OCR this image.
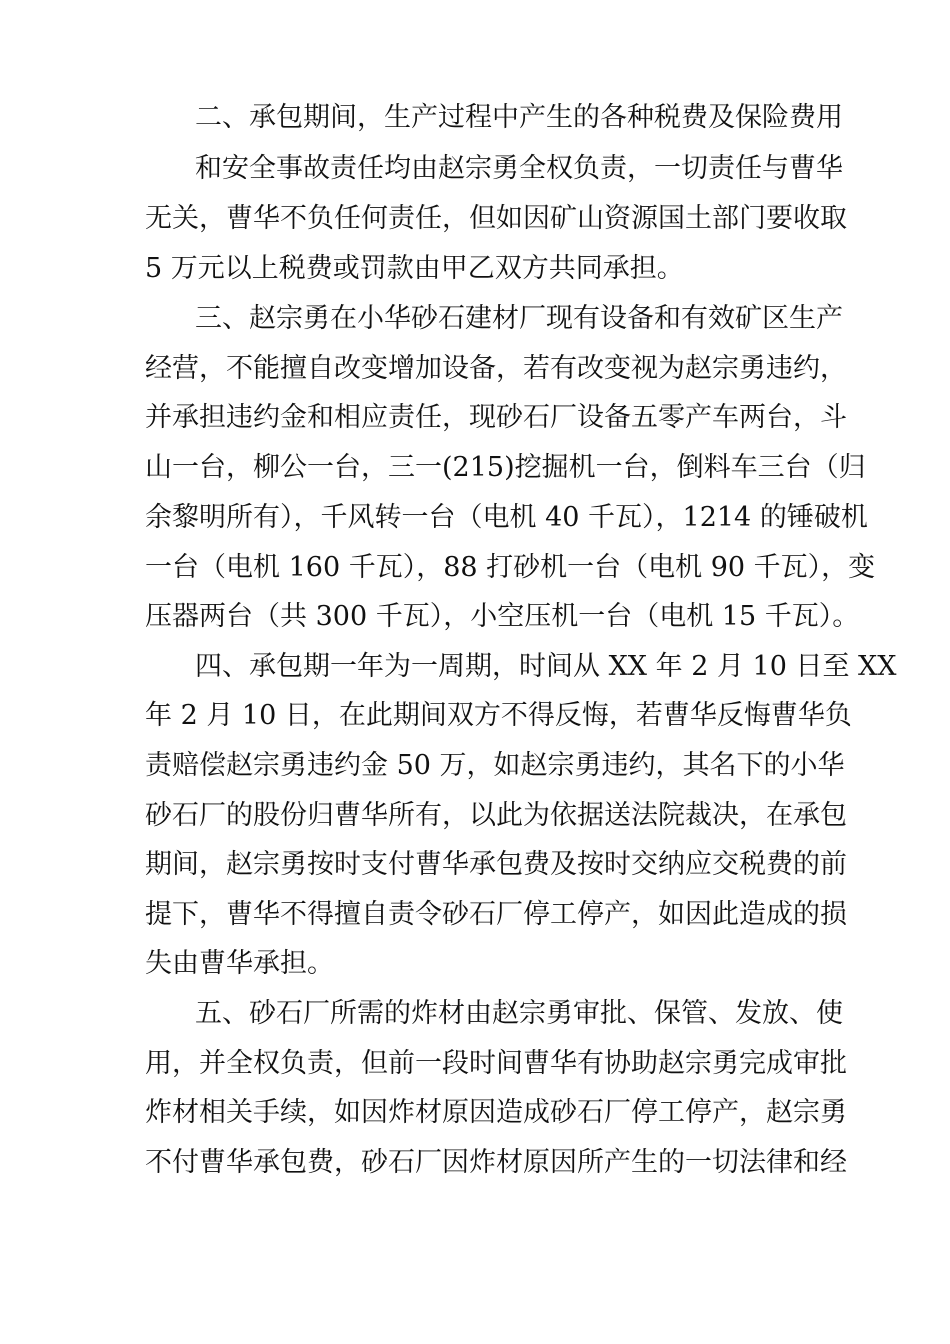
二、承包期间，生产过程中产生的各种税费及保险费用
和安全事故责任均由赵宗勇全权负责，一切责任与曹华
无关，曹华不负任何责任，但如因矿山资源国土部门要收取
5 万元以上税费或罚款由甲乙双方共同承担。
三、赵宗勇在小华砂石建材厂现有设备和有效矿区生产
经营，不能擅自改变增加设备，若有改变视为赵宗勇违约，
并承担违约金和相应责任，现砂石厂设备五零产车两台，斗
山一台，柳公一台，三一(215)挖掘机一台，倒料车三台（归
余黎明所有），千风转一台（电机 40 千瓦），1214 的锤破机
一台（电机 160 千瓦），88 打砂机一台（电机 90 千瓦），变
压器两台（共 300 千瓦），小空压机一台（电机 15 千瓦）。
四、承包期一年为一周期，时间从 XX 年 2 月 10 日至 XX
年 2 月 10 日，在此期间双方不得反悔，若曹华反悔曹华负
责赔偿赵宗勇违约金 50 万，如赵宗勇违约，其名下的小华
砂石厂的股份归曹华所有，以此为依据送法院裁决，在承包
期间，赵宗勇按时支付曹华承包费及按时交纳应交税费的前
提下，曹华不得擅自责令砂石厂停工停产，如因此造成的损
失由曹华承担。
五、砂石厂所需的炸材由赵宗勇审批、保管、发放、使
用，并全权负责，但前一段时间曹华有协助赵宗勇完成审批
炸材相关手续，如因炸材原因造成砂石厂停工停产，赵宗勇
不付曹华承包费，砂石厂因炸材原因所产生的一切法律和经
